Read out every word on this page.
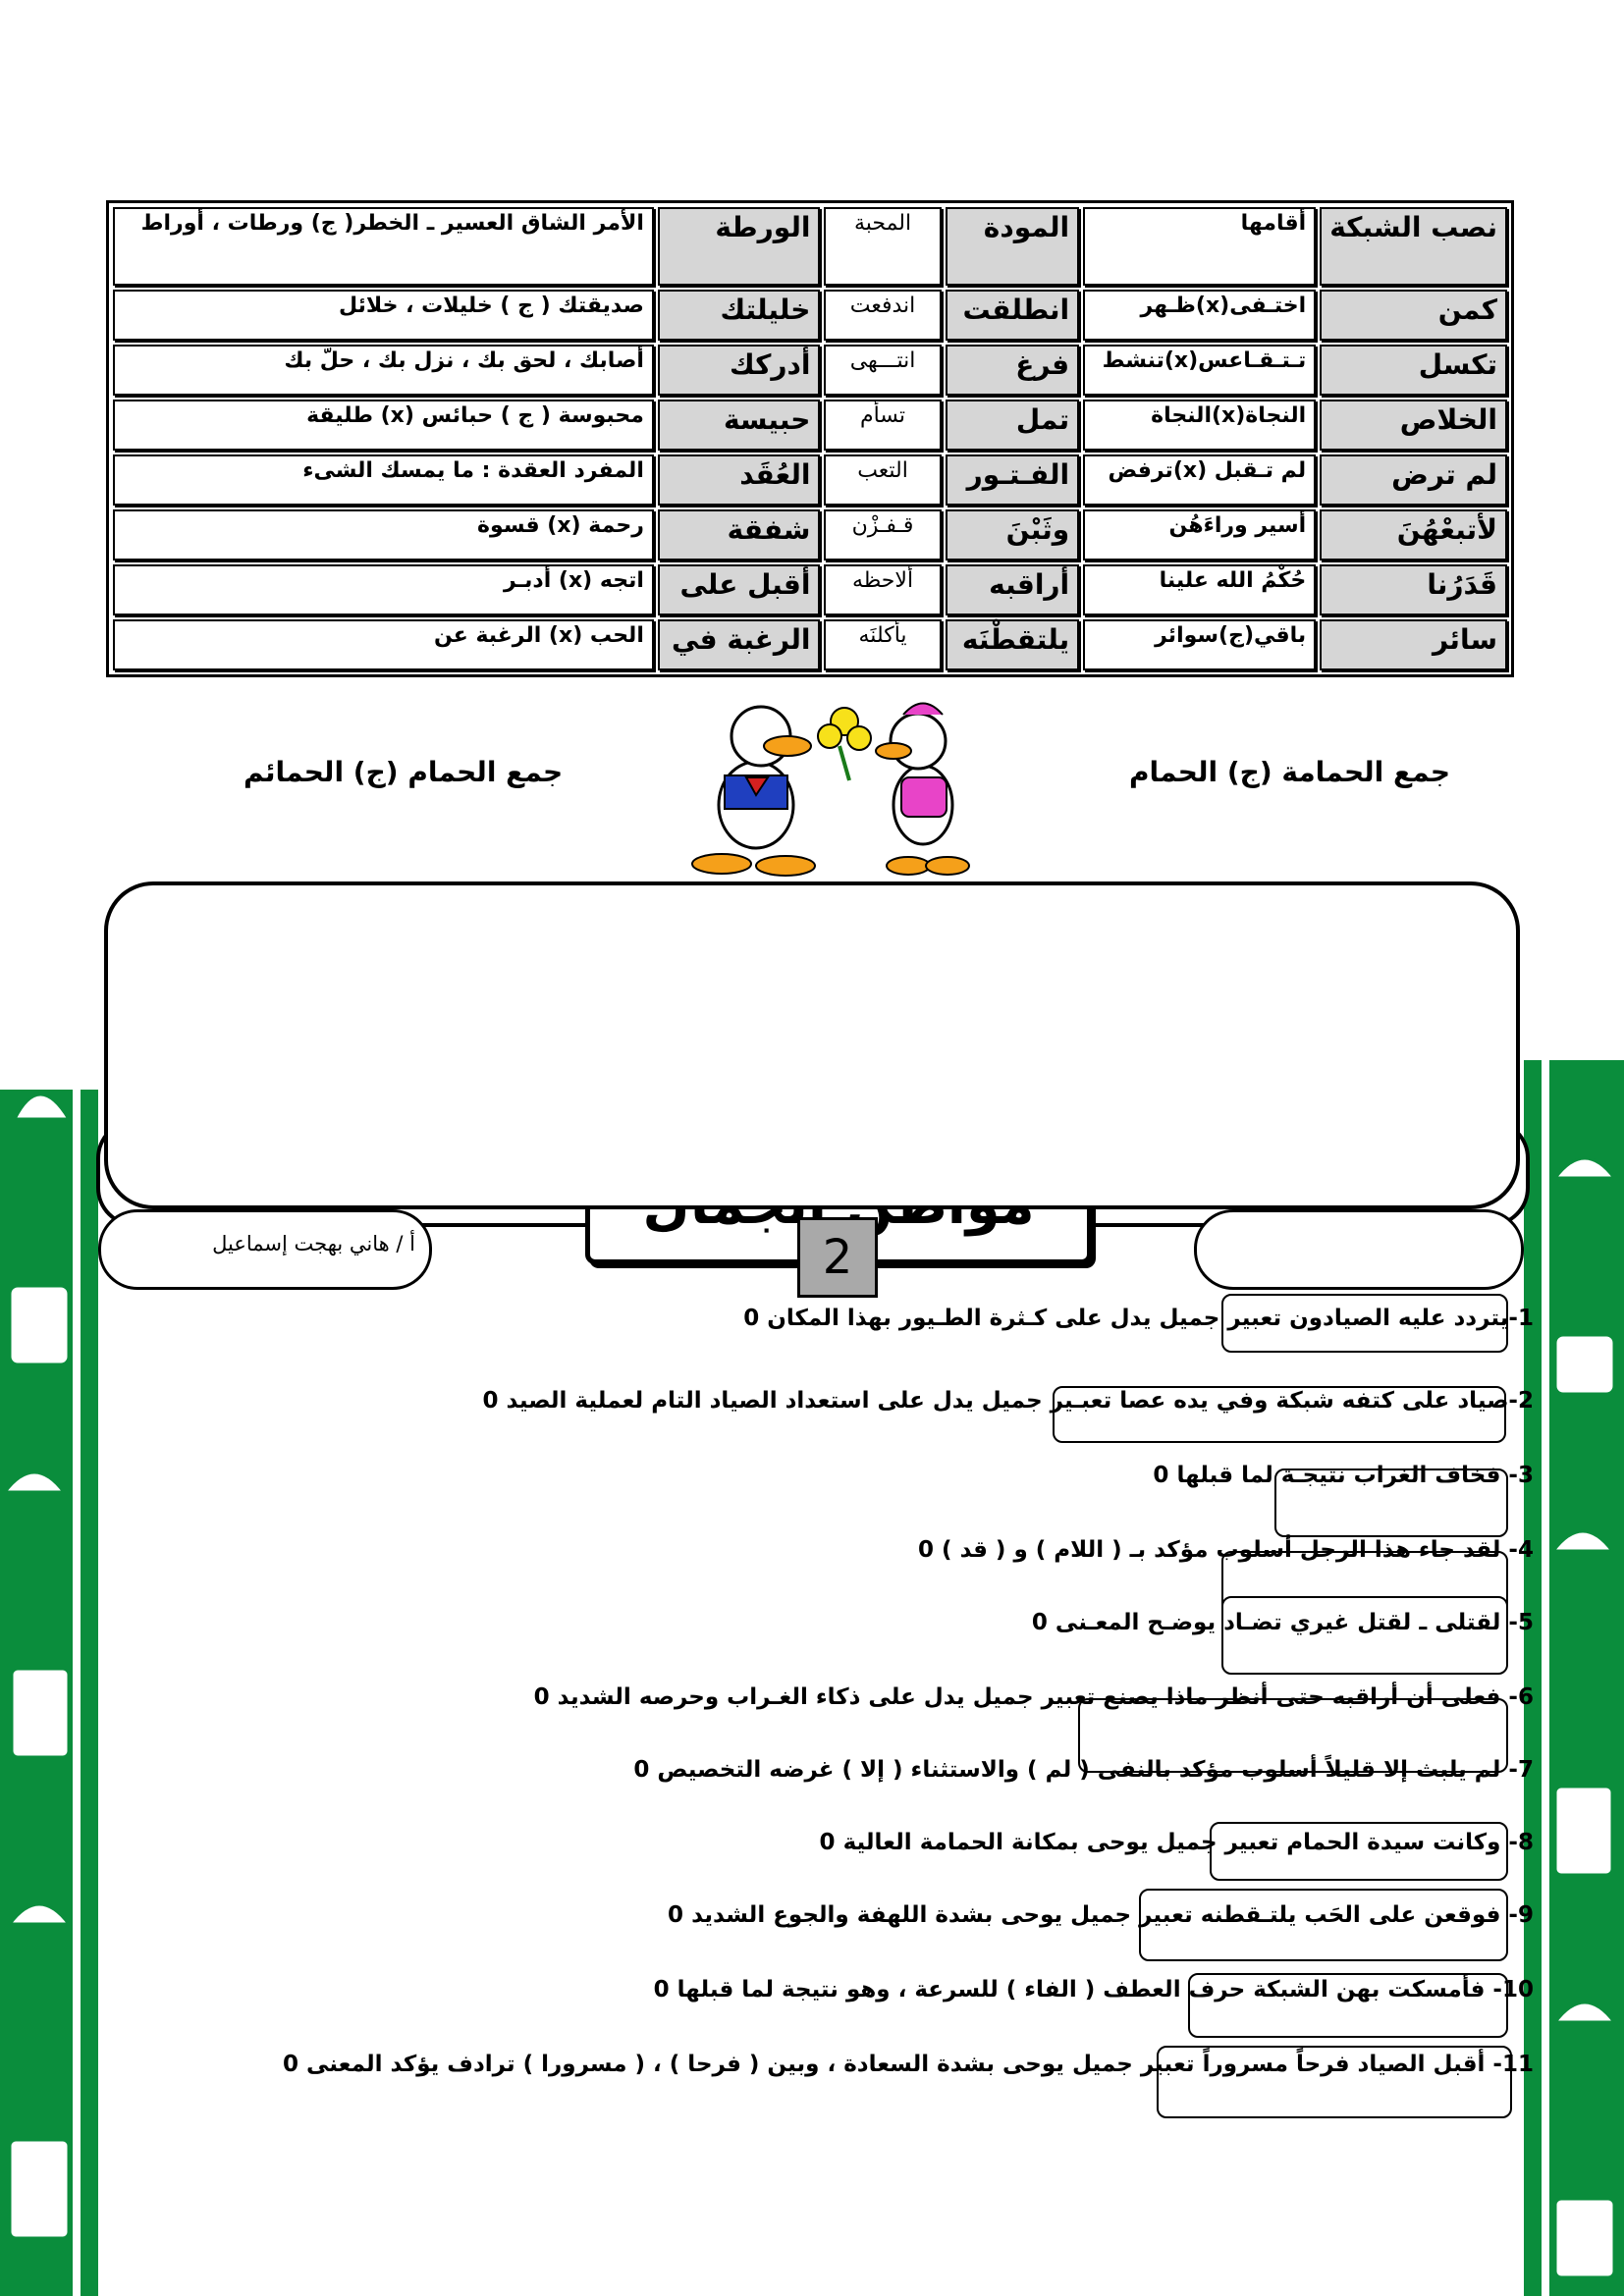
نصب الشبكة	أقامها	المودة	المحبة	الورطة	الأمر الشاق العسير ـ الخطر( ج) ورطات ، أوراط
كمن	اختـفى(x)ظـهر	انطلقت	اندفعت	خليلتك	صديقتك ( ج ) خليلات ، خلائل
تكسل	تـتـقـاعس(x)تنشط	فرغ	انتـــهى	أدركك	أصابك ، لحق بك ، نزل بك ، حلّ بك
الخلاص	النجاة(x)النجاة	تمل	تسأم	حبيسة	محبوسة ( ج ) حبائس (x) طليقة
لم ترض	لم تـقبل (x)ترفض	الفـتـور	التعب	العُقَد	المفرد العقدة : ما يمسك الشىء
لأتبعْهُنَ	أسير وراءَهُن	وثَبْنَ	قـفـزْن	شفقة	رحمة (x) قسوة
قَدَرُنا	حُكْمُ الله علينا	أراقبه	ألاحظه	أقبل على	اتجه (x) أدبـر
سائر	باقي(ج)سوائر	يلتقطْنَه	يأكلنَه	الرغبة في	الحب (x) الرغبة عن
جمع الحمامة (ج) الحمام
جمع الحمام (ج) الحمائم
2
أ / هاني بهجت إسماعيل
1-يتردد عليه الصيادون تعبير جميل يدل على كـثرة الطـيور بهذا المكان 0
2-صياد على كتفه شبكة وفي يده عصا تعبـير جميل يدل على استعداد الصياد التام لعملية الصيد 0
3- فخاف الغراب نتيجـة لما قبلها 0
4- لقد جاء هذا الرجل أسلوب مؤكد بـ ( اللام ) و ( قد ) 0
5- لقتلى ـ لقتل غيري تضـاد يوضـح المعـنى 0
6- فعلى أن أراقبه حتى أنظر ماذا يصنع تعبير جميل يدل على ذكاء الغـراب وحرصه الشديد 0
7- لم يلبث إلا قليلاً أسلوب مؤكد بالنفى ( لم ) والاستثناء ( إلا ) غرضه التخصيص 0
8- وكانت سيدة الحمام تعبير جميل يوحى بمكانة الحمامة العالية 0
9- فوقعن على الحَب يلتـقطنه تعبير جميل يوحى بشدة اللهفة والجوع الشديد 0
10- فأمسكت بهن الشبكة حرف العطف ( الفاء ) للسرعة ، وهو نتيجة لما قبلها 0
11- أقبل الصياد فرحاً مسروراً تعبير جميل يوحى بشدة السعادة ، وبين ( فرحا ) ، ( مسرورا ) ترادف يؤكد المعنى 0
